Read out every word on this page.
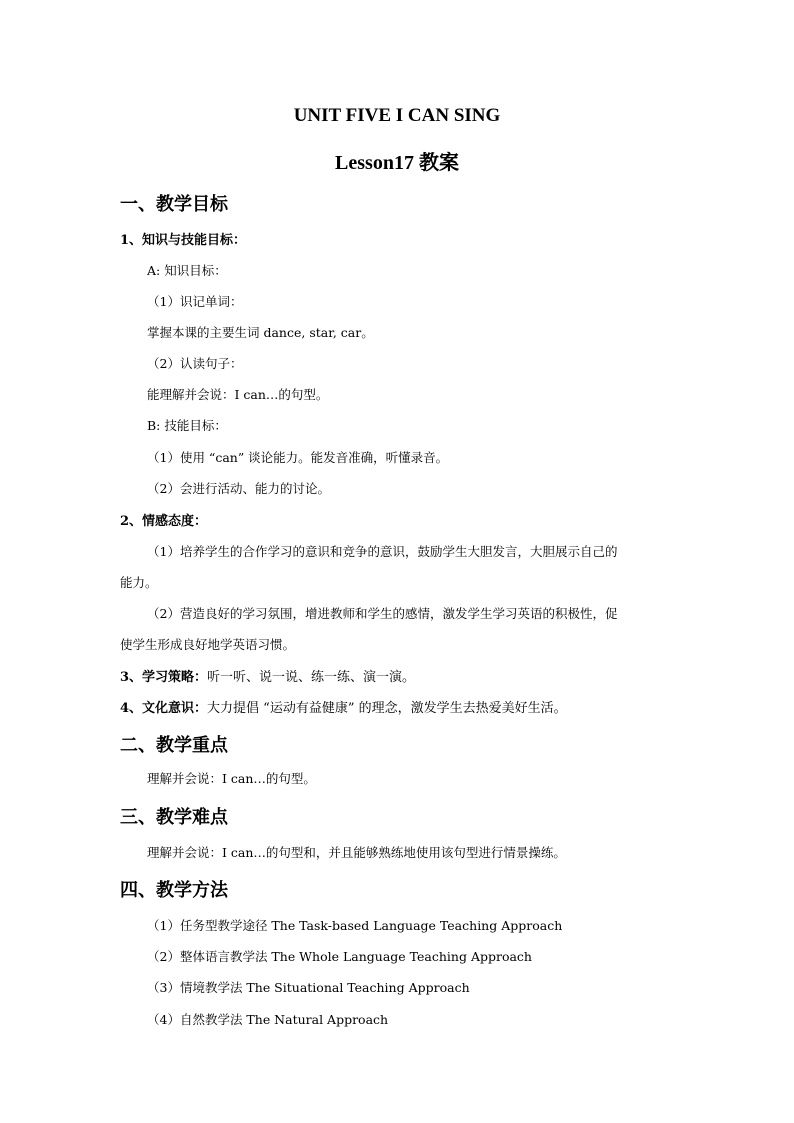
UNIT FIVE I CAN SING
Lesson17 教案
一、教学目标
1、知识与技能目标：
A: 知识目标：
（1）识记单词：
掌握本课的主要生词 dance, star, car。
（2）认读句子：
能理解并会说：I can…的句型。
B: 技能目标：
（1）使用 “can” 谈论能力。能发音准确，听懂录音。
（2）会进行活动、能力的讨论。
2、情感态度：
（1）培养学生的合作学习的意识和竞争的意识，鼓励学生大胆发言，大胆展示自己的
能力。
（2）营造良好的学习氛围，增进教师和学生的感情，激发学生学习英语的积极性，促
使学生形成良好地学英语习惯。
3、学习策略：听一听、说一说、练一练、演一演。
4、文化意识：大力提倡 “运动有益健康” 的理念，激发学生去热爱美好生活。
二、教学重点
理解并会说：I can…的句型。
三、教学难点
理解并会说：I can…的句型和，并且能够熟练地使用该句型进行情景操练。
四、教学方法
（1）任务型教学途径 The Task-based Language Teaching Approach
（2）整体语言教学法 The Whole Language Teaching Approach
（3）情境教学法 The Situational Teaching Approach
（4）自然教学法 The Natural Approach
